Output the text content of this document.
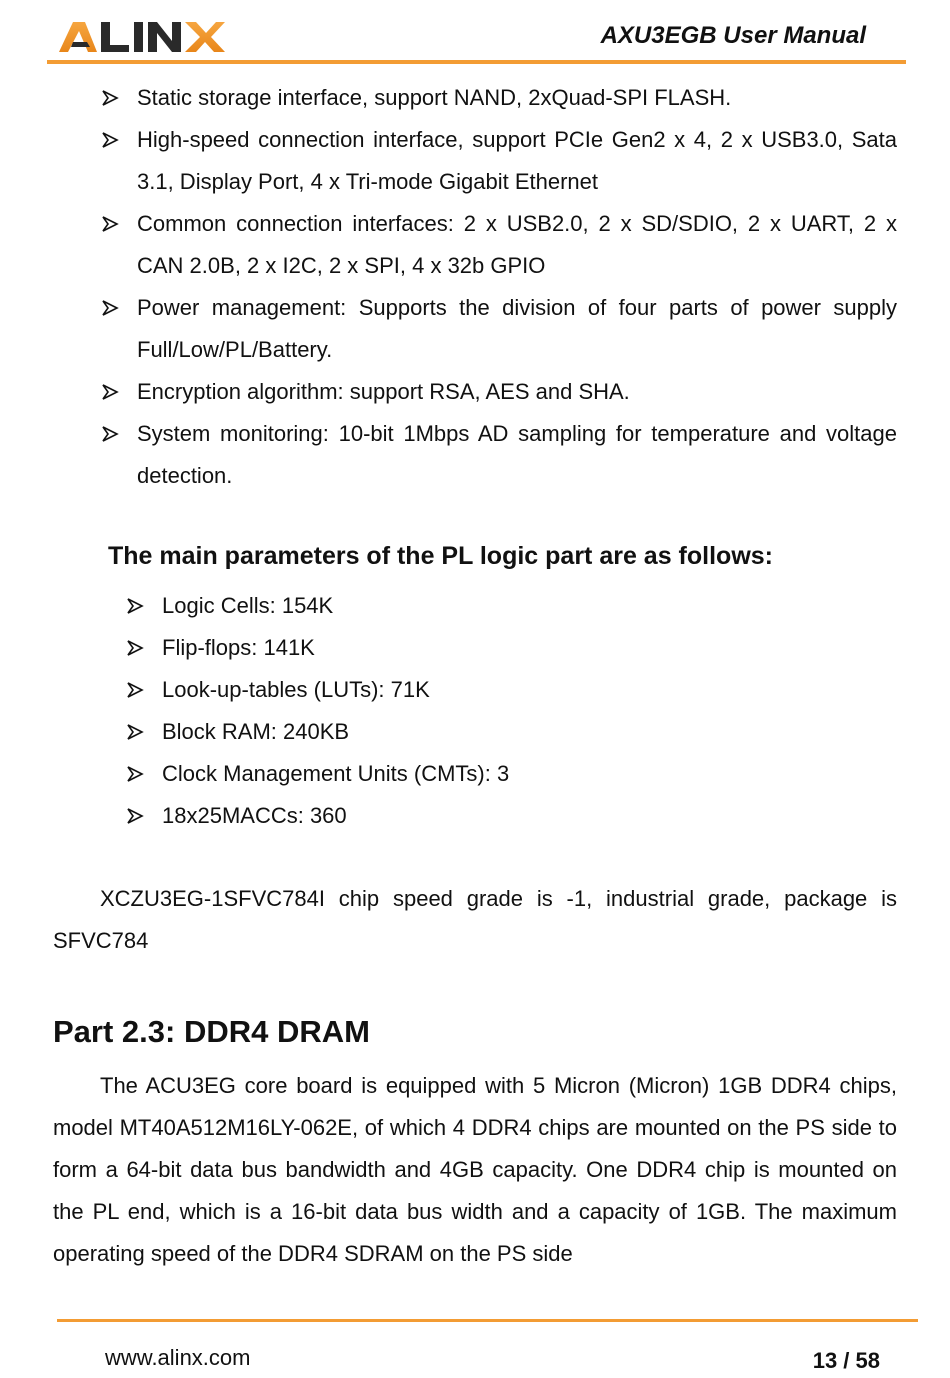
AXU3EGB User Manual
Static storage interface, support NAND, 2xQuad-SPI FLASH.
High-speed connection interface, support PCIe Gen2 x 4, 2 x USB3.0, Sata 3.1, Display Port, 4 x Tri-mode Gigabit Ethernet
Common connection interfaces: 2 x USB2.0, 2 x SD/SDIO, 2 x UART, 2 x CAN 2.0B, 2 x I2C, 2 x SPI, 4 x 32b GPIO
Power management: Supports the division of four parts of power supply Full/Low/PL/Battery.
Encryption algorithm: support RSA, AES and SHA.
System monitoring: 10-bit 1Mbps AD sampling for temperature and voltage detection.
The main parameters of the PL logic part are as follows:
Logic Cells: 154K
Flip-flops: 141K
Look-up-tables (LUTs): 71K
Block RAM: 240KB
Clock Management Units (CMTs): 3
18x25MACCs: 360

XCZU3EG-1SFVC784I chip speed grade is -1, industrial grade, package is SFVC784

Part 2.3: DDR4 DRAM

The ACU3EG core board is equipped with 5 Micron (Micron) 1GB DDR4 chips, model MT40A512M16LY-062E, of which 4 DDR4 chips are mounted on the PS side to form a 64-bit data bus bandwidth and 4GB capacity. One DDR4 chip is mounted on the PL end, which is a 16-bit data bus width and a capacity of 1GB. The maximum operating speed of the DDR4 SDRAM on the PS side

www.alinx.com	13 / 58
